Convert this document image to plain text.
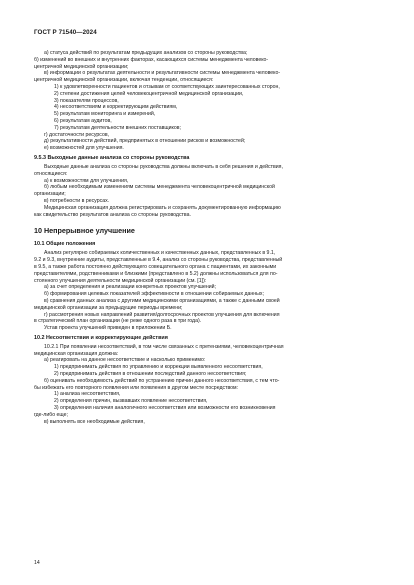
ГОСТ Р 71540—2024
а) статуса действий по результатам предыдущих анализов со стороны руководства;
б) изменений во внешних и внутренних факторах, касающихся системы менеджмента человеко-
центричной медицинской организации;
в) информации о результатах деятельности и результативности системы менеджмента человеко-
центричной медицинской организации, включая тенденции, относящиеся:
1) к удовлетворенности пациентов и отзывам от соответствующих заинтересованных сторон,
2) степени достижения целей человекоцентричной медицинской организации,
3) показателям процессов,
4) несоответствиям и корректирующим действиям,
5) результатам мониторинга и измерений,
6) результатам аудитов,
7) результатам деятельности внешних поставщиков;
г) достаточности ресурсов,
д) результативности действий, предпринятых в отношении рисков и возможностей;
е) возможностей для улучшения.
9.5.3 Выходные данные анализа со стороны руководства
Выходные данные анализа со стороны руководства должны включать в себя решения и действия,
относящиеся:
а) к возможностям для улучшения,
б) любым необходимым изменениям системы менеджмента человекоцентричной медицинской
организации;
в) потребности в ресурсах.
Медицинская организация должна регистрировать и сохранять документированную информацию
как свидетельство результатов анализа со стороны руководства.
10 Непрерывное улучшение
10.1 Общие положения
Анализ регулярно собираемых количественных и качественных данных, представленных в 9.1,
9.2 и 9.3, внутренние аудиты, представленные в 9.4, анализ со стороны руководства, представленный
в 9.5, а также работа постоянно действующего совещательного органа с пациентами, их законными
представителями, родственниками и близкими (представлено в 5.2) должны использоваться для по-
стоянного улучшения деятельности медицинской организации (см. [1]):
а) за счет определения и реализации конкретных проектов улучшений;
б) формирования целевых показателей эффективности в отношении собираемых данных;
в) сравнения данных анализа с другими медицинскими организациями, а также с данными своей
медицинской организации за предыдущие периоды времени;
г) рассмотрения новых направлений развития/долгосрочных проектов улучшения для включения
в стратегический план организации (не реже одного раза в три года).
Устав проекта улучшений приведен в приложении Б.
10.2 Несоответствия и корректирующие действия
10.2.1 При появлении несоответствий, в том числе связанных с претензиями, человекоцентричная
медицинская организация должна:
а) реагировать на данное несоответствие и насколько применимо:
1) предпринимать действия по управлению и коррекции выявленного несоответствия,
2) предпринимать действия в отношении последствий данного несоответствия;
б) оценивать необходимость действий по устранению причин данного несоответствия, с тем что-
бы избежать его повторного появления или появления в другом месте посредством:
1) анализа несоответствия,
2) определения причин, вызвавших появление несоответствия,
3) определения наличия аналогичного несоответствия или возможности его возникновения
где-либо еще;
в) выполнять все необходимые действия,
14
